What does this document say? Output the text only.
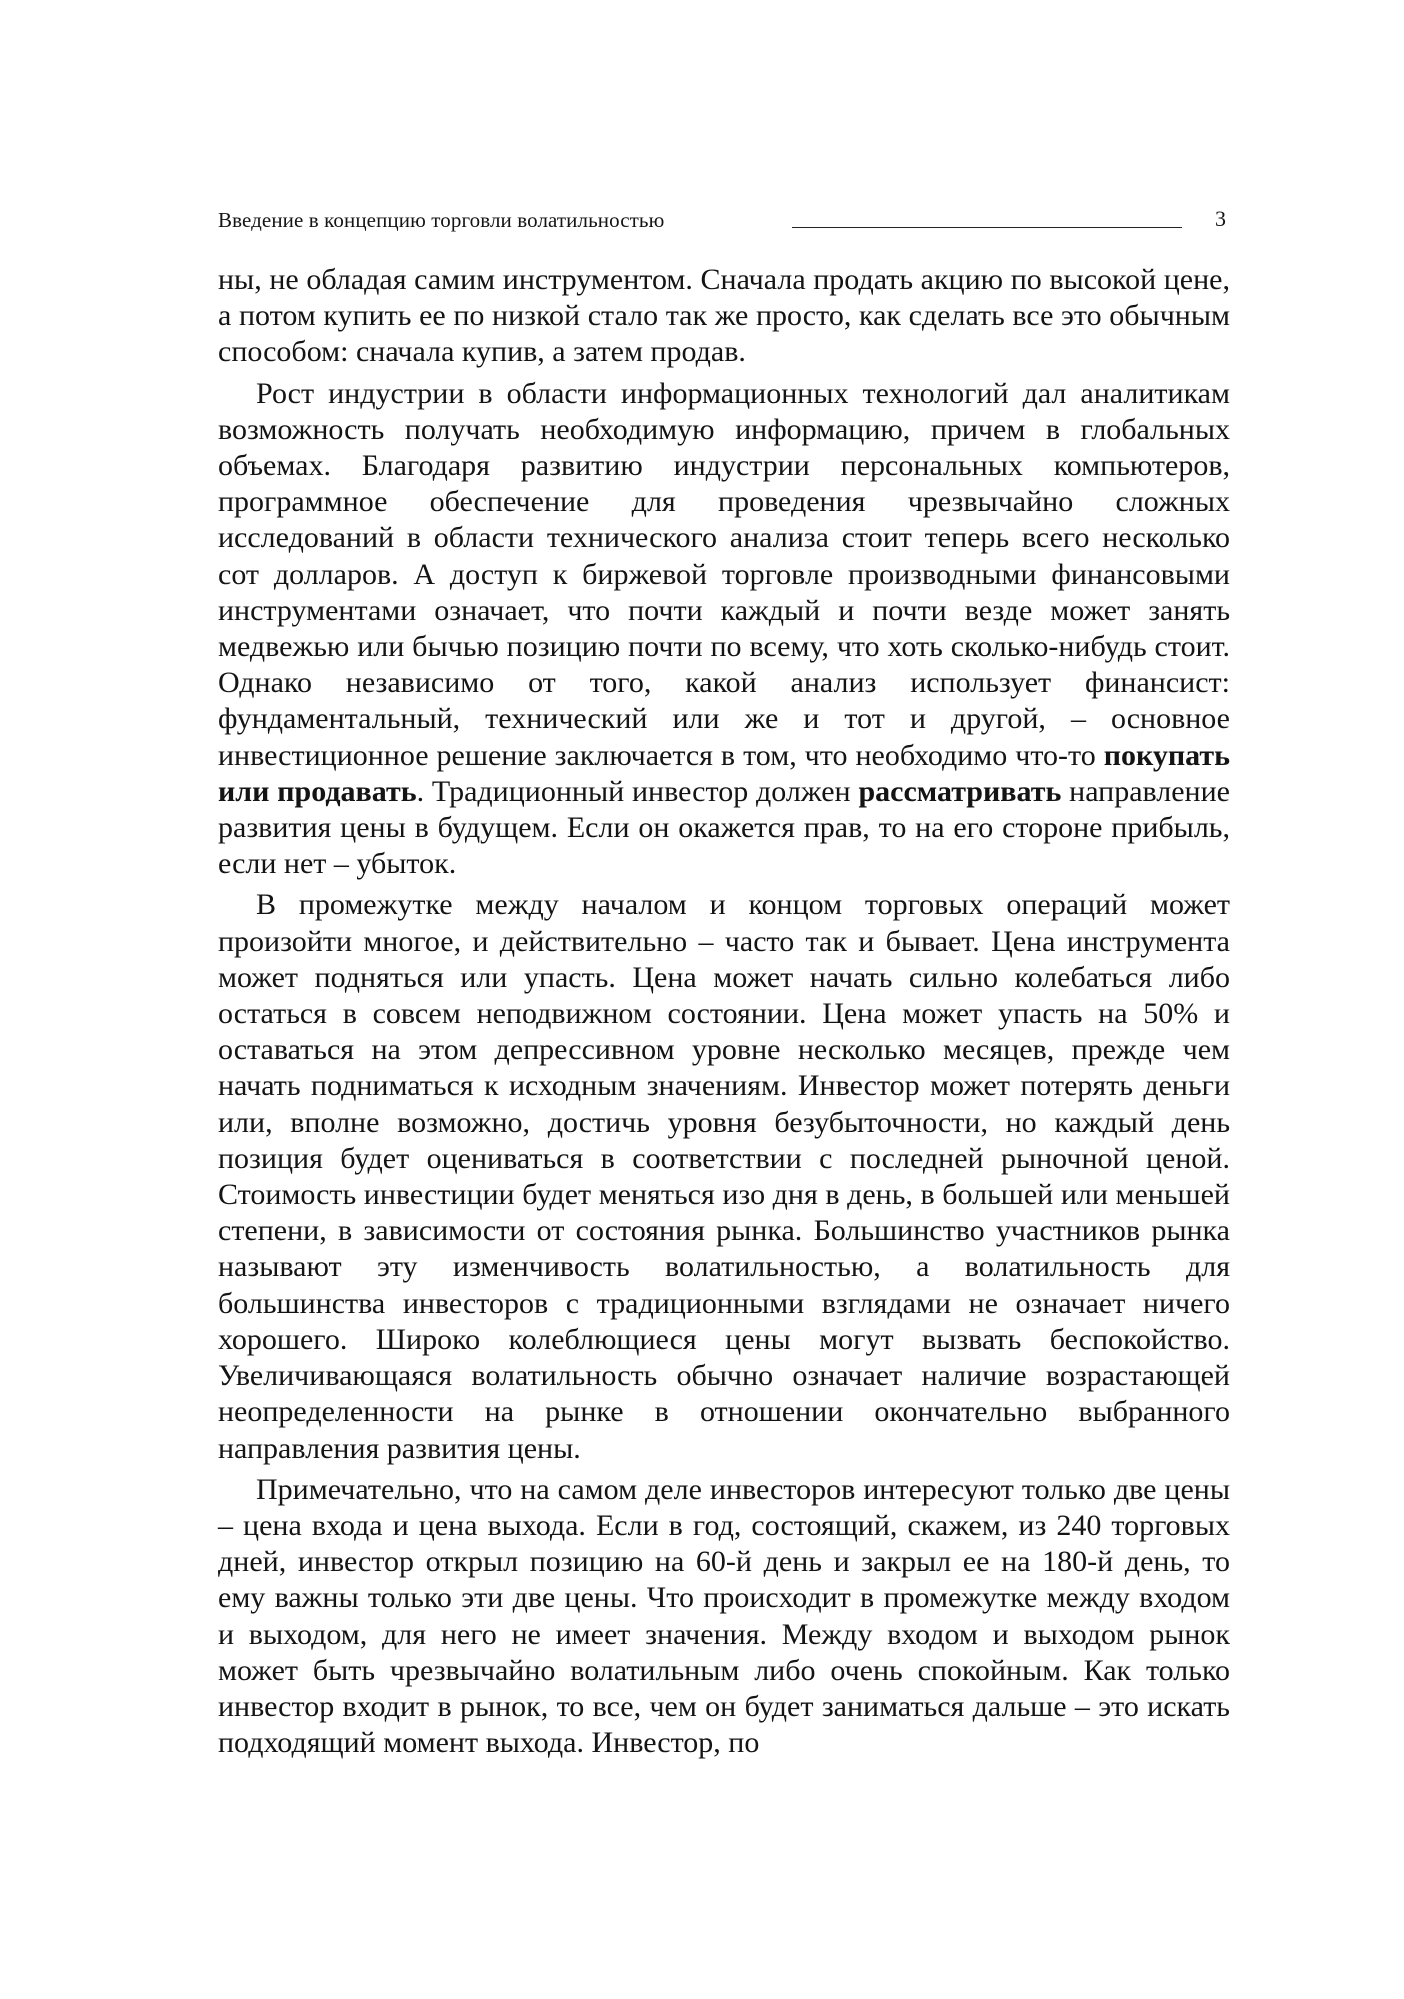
Введение в концепцию торговли волатильностью	3

ны, не обладая самим инструментом. Сначала продать акцию по высокой цене, а потом купить ее по низкой стало так же просто, как сделать все это обычным способом: сначала купив, а затем продав.

Рост индустрии в области информационных технологий дал аналитикам возможность получать необходимую информацию, причем в глобальных объемах. Благодаря развитию индустрии персональных компьютеров, программное обеспечение для проведения чрезвычайно сложных исследований в области технического анализа стоит теперь всего несколько сот долларов. А доступ к биржевой торговле производными финансовыми инструментами означает, что почти каждый и почти везде может занять медвежью или бычью позицию почти по всему, что хоть сколько-нибудь стоит. Однако независимо от того, какой анализ использует финансист: фундаментальный, технический или же и тот и другой, – основное инвестиционное решение заключается в том, что необходимо что-то покупать или продавать. Традиционный инвестор должен рассматривать направление развития цены в будущем. Если он окажется прав, то на его стороне прибыль, если нет – убыток.

В промежутке между началом и концом торговых операций может произойти многое, и действительно – часто так и бывает. Цена инструмента может подняться или упасть. Цена может начать сильно колебаться либо остаться в совсем неподвижном состоянии. Цена может упасть на 50% и оставаться на этом депрессивном уровне несколько месяцев, прежде чем начать подниматься к исходным значениям. Инвестор может потерять деньги или, вполне возможно, достичь уровня безубыточности, но каждый день позиция будет оцениваться в соответствии с последней рыночной ценой. Стоимость инвестиции будет меняться изо дня в день, в большей или меньшей степени, в зависимости от состояния рынка. Большинство участников рынка называют эту изменчивость волатильностью, а волатильность для большинства инвесторов с традиционными взглядами не означает ничего хорошего. Широко колеблющиеся цены могут вызвать беспокойство. Увеличивающаяся волатильность обычно означает наличие возрастающей неопределенности на рынке в отношении окончательно выбранного направления развития цены.

Примечательно, что на самом деле инвесторов интересуют только две цены – цена входа и цена выхода. Если в год, состоящий, скажем, из 240 торговых дней, инвестор открыл позицию на 60-й день и закрыл ее на 180-й день, то ему важны только эти две цены. Что происходит в промежутке между входом и выходом, для него не имеет значения. Между входом и выходом рынок может быть чрезвычайно волатильным либо очень спокойным. Как только инвестор входит в рынок, то все, чем он будет заниматься дальше – это искать подходящий момент выхода. Инвестор, по
